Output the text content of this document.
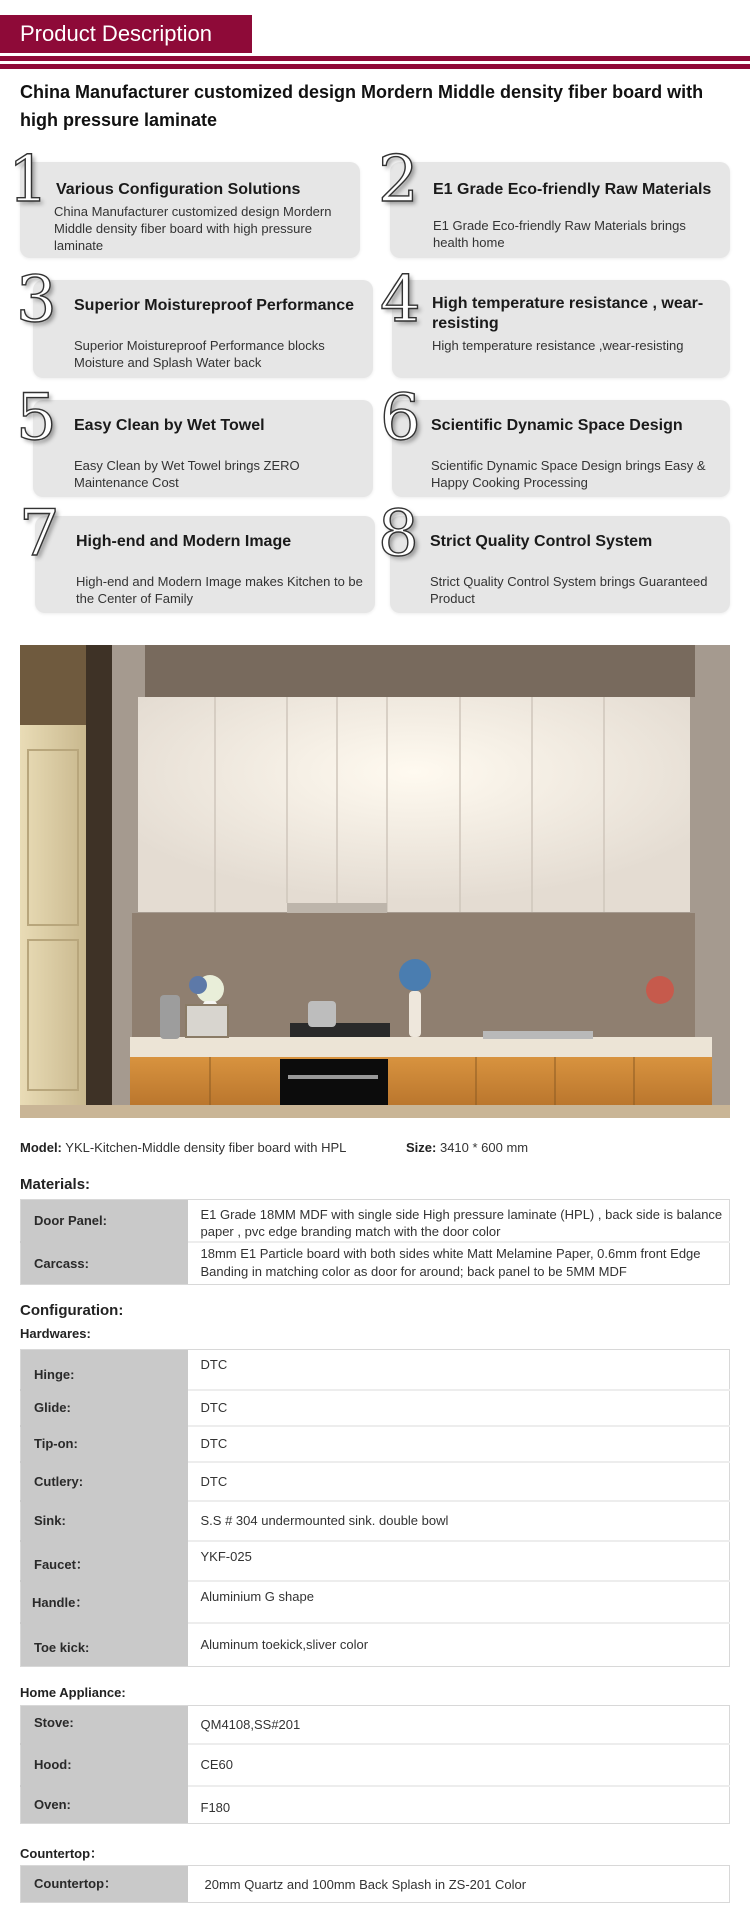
Product Description
China Manufacturer customized design Mordern Middle density fiber board with high pressure laminate
1 Various Configuration Solutions
China Manufacturer customized design Mordern Middle density fiber board with high pressure laminate
2 E1 Grade Eco-friendly Raw Materials
E1 Grade Eco-friendly Raw Materials brings health home
3 Superior Moistureproof Performance
Superior Moistureproof Performance blocks Moisture and Splash Water back
4 High temperature resistance , wear-resisting
High temperature resistance ,wear-resisting
5 Easy Clean by Wet Towel
Easy Clean by Wet Towel brings ZERO Maintenance Cost
6 Scientific Dynamic Space Design
Scientific Dynamic Space Design brings Easy & Happy Cooking Processing
7 High-end and Modern Image
High-end and Modern Image makes Kitchen to be the Center of Family
8 Strict Quality Control System
Strict Quality Control System brings Guaranteed Product
Model: YKL-Kitchen-Middle density fiber board with HPL	Size: 3410 * 600 mm
Materials:
Door Panel:	E1 Grade 18MM MDF with single side High pressure laminate (HPL) , back side is balance paper , pvc edge branding match with the door color
Carcass:	18mm E1 Particle board with both sides white Matt Melamine Paper, 0.6mm front Edge Banding in matching color as door for around; back panel to be 5MM MDF
Configuration:
Hardwares:
Hinge:	DTC
Glide:	DTC
Tip-on:	DTC
Cutlery:	DTC
Sink:	S.S # 304 undermounted sink. double bowl
Faucet：	YKF-025
Handle：	Aluminium G shape
Toe kick:	Aluminum toekick,sliver color
Home Appliance:
Stove:	QM4108,SS#201
Hood:	CE60
Oven:	F180
Countertop：
Countertop：	20mm Quartz and 100mm Back Splash in ZS-201 Color
